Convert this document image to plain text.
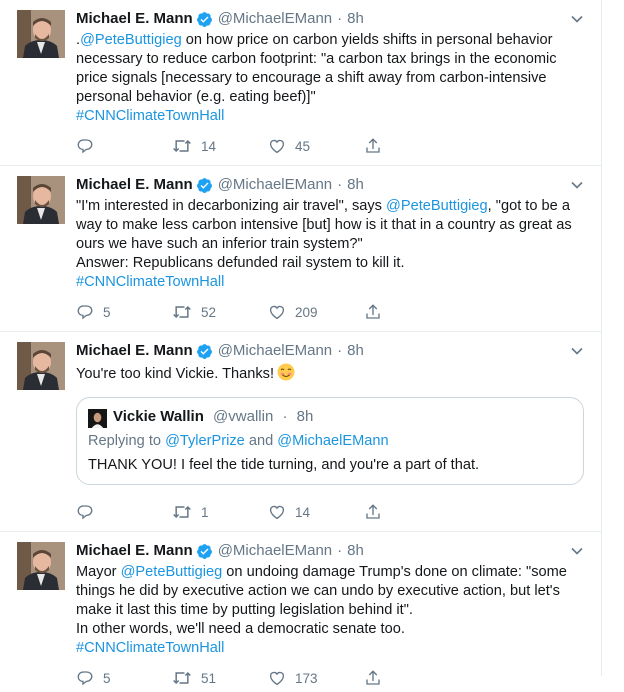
Michael E. Mann @MichaelEMann · 8h
.@PeteButtigieg on how price on carbon yields shifts in personal behavior
necessary to reduce carbon footprint: "a carbon tax brings in the economic
price signals [necessary to encourage a shift away from carbon-intensive
personal behavior (e.g. eating beef)]"
#CNNClimateTownHall
14	45
Michael E. Mann @MichaelEMann · 8h
"I'm interested in decarbonizing air travel", says @PeteButtigieg, "got to be a
way to make less carbon intensive [but] how is it that in a country as great as
ours we have such an inferior train system?"
Answer: Republicans defunded rail system to kill it.
#CNNClimateTownHall
5	52	209
Michael E. Mann @MichaelEMann · 8h
You're too kind Vickie. Thanks!
Vickie Wallin @vwallin · 8h
Replying to @TylerPrize and @MichaelEMann
THANK YOU! I feel the tide turning, and you're a part of that.
1	14
Michael E. Mann @MichaelEMann · 8h
Mayor @PeteButtigieg on undoing damage Trump's done on climate: "some
things he did by executive action we can undo by executive action, but let's
make it last this time by putting legislation behind it".
In other words, we'll need a democratic senate too.
#CNNClimateTownHall
5	51	173
